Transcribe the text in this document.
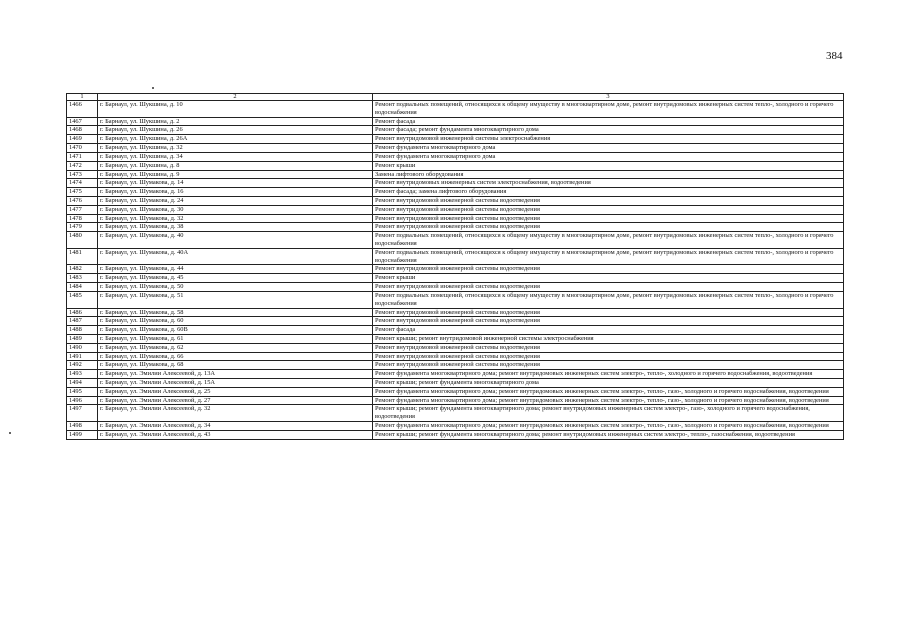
384
1	2	3
1466	г. Барнаул, ул. Шукшина, д. 10	Ремонт подвальных помещений, относящихся к общему имуществу в многоквартирном доме, ремонт внутридомовых инженерных систем тепло-, холодного и горячего водоснабжения
1467	г. Барнаул, ул. Шукшина, д. 2	Ремонт фасада
1468	г. Барнаул, ул. Шукшина, д. 26	Ремонт фасада; ремонт фундамента многоквартирного дома
1469	г. Барнаул, ул. Шукшина, д. 26А	Ремонт внутридомовой инженерной системы электроснабжения
1470	г. Барнаул, ул. Шукшина, д. 32	Ремонт фундамента многоквартирного дома
1471	г. Барнаул, ул. Шукшина, д. 34	Ремонт фундамента многоквартирного дома
1472	г. Барнаул, ул. Шукшина, д. 8	Ремонт крыши
1473	г. Барнаул, ул. Шукшина, д. 9	Замена лифтового оборудования
1474	г. Барнаул, ул. Шумакова, д. 14	Ремонт внутридомовых инженерных систем электроснабжения, водоотведения
1475	г. Барнаул, ул. Шумакова, д. 16	Ремонт фасада; замена лифтового оборудования
1476	г. Барнаул, ул. Шумакова, д. 24	Ремонт внутридомовой инженерной системы водоотведения
1477	г. Барнаул, ул. Шумакова, д. 30	Ремонт внутридомовой инженерной системы водоотведения
1478	г. Барнаул, ул. Шумакова, д. 32	Ремонт внутридомовой инженерной системы водоотведения
1479	г. Барнаул, ул. Шумакова, д. 38	Ремонт внутридомовой инженерной системы водоотведения
1480	г. Барнаул, ул. Шумакова, д. 40	Ремонт подвальных помещений, относящихся к общему имуществу в многоквартирном доме, ремонт внутридомовых инженерных систем тепло-, холодного и горячего водоснабжения
1481	г. Барнаул, ул. Шумакова, д. 40А	Ремонт подвальных помещений, относящихся к общему имуществу в многоквартирном доме, ремонт внутридомовых инженерных систем тепло-, холодного и горячего водоснабжения
1482	г. Барнаул, ул. Шумакова, д. 44	Ремонт внутридомовой инженерной системы водоотведения
1483	г. Барнаул, ул. Шумакова, д. 45	Ремонт крыши
1484	г. Барнаул, ул. Шумакова, д. 50	Ремонт внутридомовой инженерной системы водоотведения
1485	г. Барнаул, ул. Шумакова, д. 51	Ремонт подвальных помещений, относящихся к общему имуществу в многоквартирном доме, ремонт внутридомовых инженерных систем тепло-, холодного и горячего водоснабжения
1486	г. Барнаул, ул. Шумакова, д. 58	Ремонт внутридомовой инженерной системы водоотведения
1487	г. Барнаул, ул. Шумакова, д. 60	Ремонт внутридомовой инженерной системы водоотведения
1488	г. Барнаул, ул. Шумакова, д. 60В	Ремонт фасада
1489	г. Барнаул, ул. Шумакова, д. 61	Ремонт крыши; ремонт внутридомовой инженерной системы электроснабжения
1490	г. Барнаул, ул. Шумакова, д. 62	Ремонт внутридомовой инженерной системы водоотведения
1491	г. Барнаул, ул. Шумакова, д. 66	Ремонт внутридомовой инженерной системы водоотведения
1492	г. Барнаул, ул. Шумакова, д. 68	Ремонт внутридомовой инженерной системы водоотведения
1493	г. Барнаул, ул. Эмилии Алексеевой, д. 13А	Ремонт фундамента многоквартирного дома; ремонт внутридомовых инженерных систем электро-, тепло-, холодного и горячего водоснабжения, водоотведения
1494	г. Барнаул, ул. Эмилии Алексеевой, д. 15А	Ремонт крыши; ремонт фундамента многоквартирного дома
1495	г. Барнаул, ул. Эмилии Алексеевой, д. 25	Ремонт фундамента многоквартирного дома; ремонт внутридомовых инженерных систем электро-, тепло-, газо-, холодного и горячего водоснабжения, водоотведения
1496	г. Барнаул, ул. Эмилии Алексеевой, д. 27	Ремонт фундамента многоквартирного дома; ремонт внутридомовых инженерных систем электро-, тепло-, газо-, холодного и горячего водоснабжения, водоотведения
1497	г. Барнаул, ул. Эмилии Алексеевой, д. 32	Ремонт крыши; ремонт фундамента многоквартирного дома; ремонт внутридомовых инженерных систем электро-, газо-, холодного и горячего водоснабжения, водоотведения
1498	г. Барнаул, ул. Эмилии Алексеевой, д. 34	Ремонт фундамента многоквартирного дома; ремонт внутридомовых инженерных систем электро-, тепло-, газо-, холодного и горячего водоснабжения, водоотведения
1499	г. Барнаул, ул. Эмилии Алексеевой, д. 43	Ремонт крыши; ремонт фундамента многоквартирного дома; ремонт внутридомовых инженерных систем электро-, тепло-, газоснабжения, водоотведения
